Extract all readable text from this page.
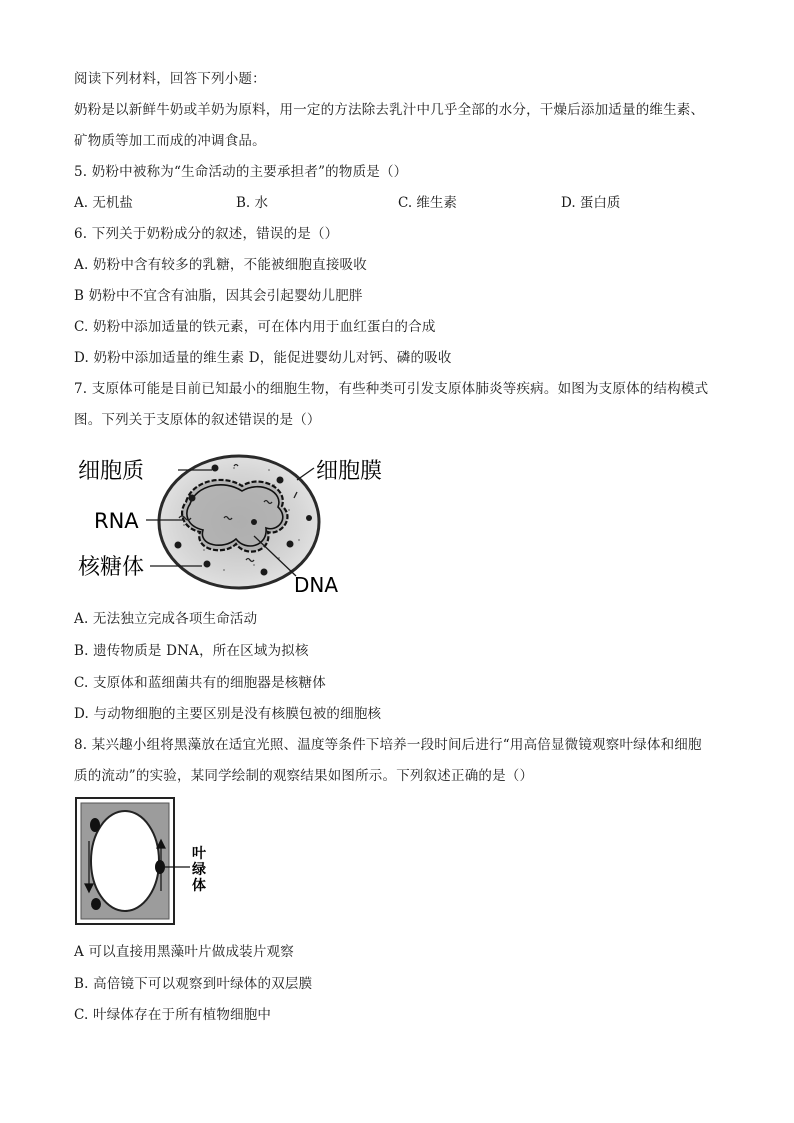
阅读下列材料，回答下列小题：
奶粉是以新鲜牛奶或羊奶为原料，用一定的方法除去乳汁中几乎全部的水分，干燥后添加适量的维生素、
矿物质等加工而成的冲调食品。
5. 奶粉中被称为“生命活动的主要承担者”的物质是（）
A. 无机盐	B. 水	C. 维生素	D. 蛋白质
6. 下列关于奶粉成分的叙述，错误的是（）
A. 奶粉中含有较多的乳糖，不能被细胞直接吸收
B 奶粉中不宜含有油脂，因其会引起婴幼儿肥胖
C. 奶粉中添加适量的铁元素，可在体内用于血红蛋白的合成
D. 奶粉中添加适量的维生素 D，能促进婴幼儿对钙、磷的吸收
7. 支原体可能是目前已知最小的细胞生物，有些种类可引发支原体肺炎等疾病。如图为支原体的结构模式
图。下列关于支原体的叙述错误的是（）
细胞质	细胞膜
RNA
核糖体
DNA
A. 无法独立完成各项生命活动
B. 遗传物质是 DNA，所在区域为拟核
C. 支原体和蓝细菌共有的细胞器是核糖体
D. 与动物细胞的主要区别是没有核膜包被的细胞核
8. 某兴趣小组将黑藻放在适宜光照、温度等条件下培养一段时间后进行“用高倍显微镜观察叶绿体和细胞
质的流动”的实验，某同学绘制的观察结果如图所示。下列叙述正确的是（）
叶
绿
体
A 可以直接用黑藻叶片做成装片观察
B. 高倍镜下可以观察到叶绿体的双层膜
C. 叶绿体存在于所有植物细胞中
